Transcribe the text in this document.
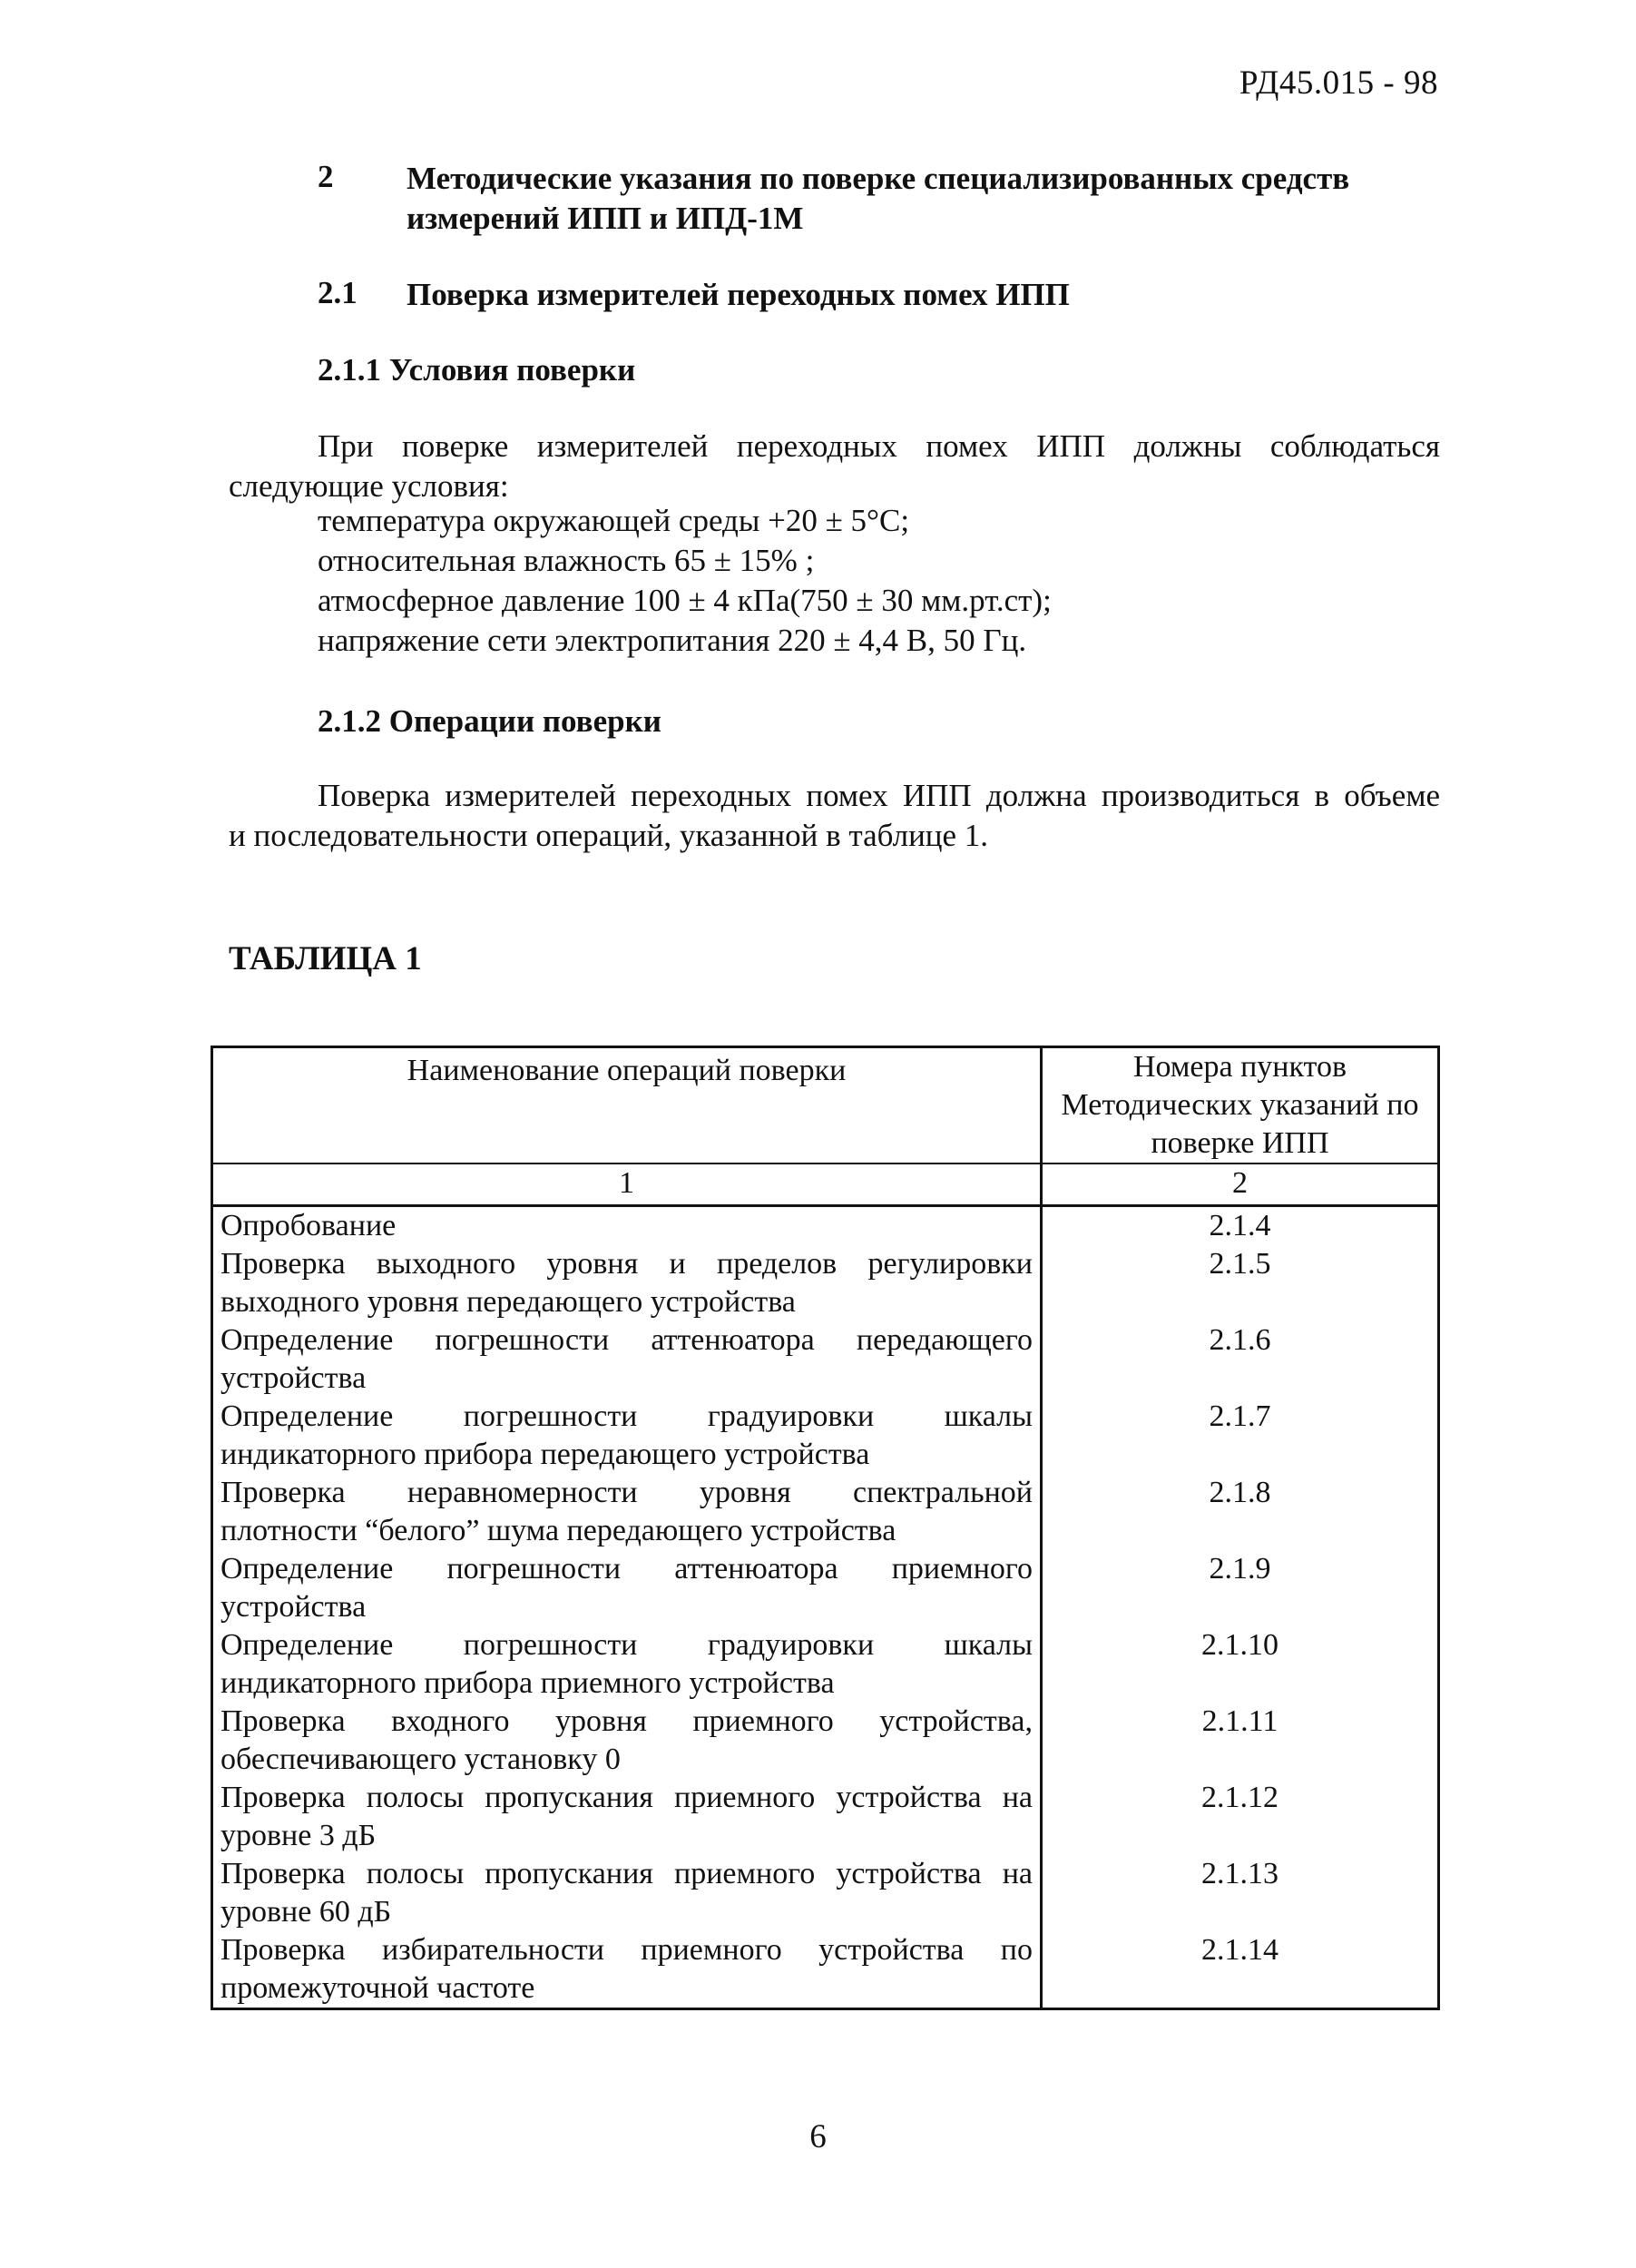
РД45.015 - 98
2 Методические указания по поверке специализированных средств
измерений ИПП и ИПД-1М
2.1 Поверка измерителей переходных помех ИПП
2.1.1 Условия поверки
При поверке измерителей переходных помех ИПП должны соблюдаться
следующие условия:
температура окружающей среды +20 ± 5°С;
относительная влажность 65 ± 15% ;
атмосферное давление 100 ± 4 кПа(750 ± 30 мм.рт.ст);
напряжение сети электропитания 220 ± 4,4 В, 50 Гц.
2.1.2 Операции поверки
Поверка измерителей переходных помех ИПП должна производиться в объеме
и последовательности операций, указанной в таблице 1.
ТАБЛИЦА 1
Наименование операций поверки	Номера пунктов
Методических указаний по
поверке ИПП

1	2

Опробование	2.1.4

Проверка выходного уровня и пределов регулировки
выходного уровня передающего устройства	2.1.5

Определение погрешности аттенюатора передающего
устройства	2.1.6

Определение погрешности градуировки шкалы
индикаторного прибора передающего устройства	2.1.7

Проверка неравномерности уровня спектральной
плотности “белого” шума передающего устройства	2.1.8

Определение погрешности аттенюатора приемного
устройства	2.1.9

Определение погрешности градуировки шкалы
индикаторного прибора приемного устройства	2.1.10

Проверка входного уровня приемного устройства,
обеспечивающего установку 0	2.1.11

Проверка полосы пропускания приемного устройства на
уровне 3 дБ	2.1.12

Проверка полосы пропускания приемного устройства на
уровне 60 дБ	2.1.13

Проверка избирательности приемного устройства по
промежуточной частоте	2.1.14
6
